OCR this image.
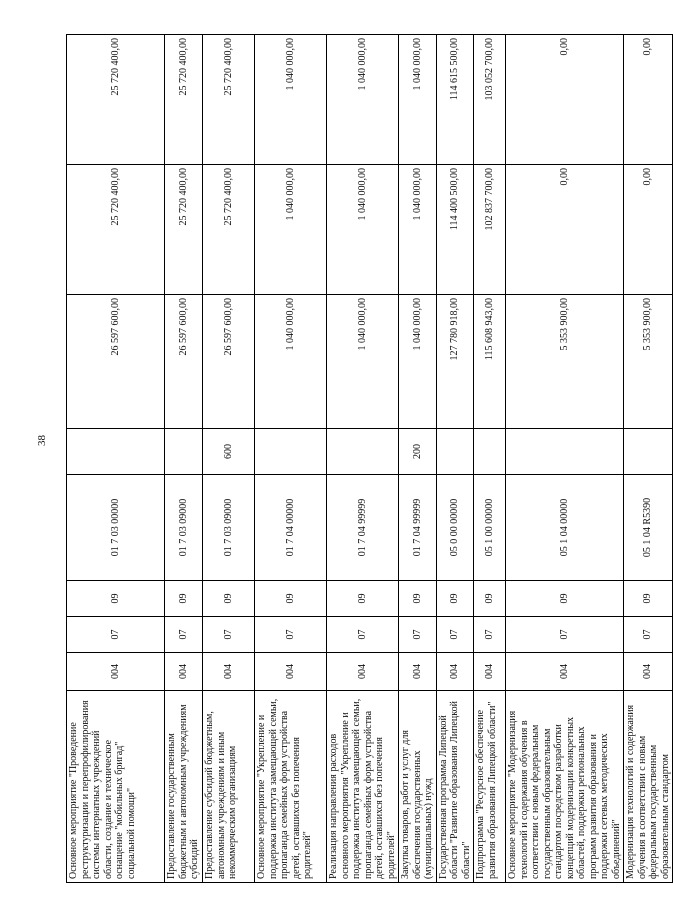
38
Основное мероприятие "Проведение реструктуризации и перепрофилирования системы интернатных учреждений области, создание и техническое оснащение "мобильных бригад" социальной помощи"	004	07	09	01 7 03 00000		26 597 600,00	25 720 400,00	25 720 400,00
Предоставление государственным бюджетным и автономным учреждениям субсидий	004	07	09	01 7 03 09000		26 597 600,00	25 720 400,00	25 720 400,00
Предоставление субсидий бюджетным, автономным учреждениям и иным некоммерческим организациям	004	07	09	01 7 03 09000	600	26 597 600,00	25 720 400,00	25 720 400,00
Основное мероприятие "Укрепление и поддержка института замещающей семьи, пропаганда семейных форм устройства детей, оставшихся без попечения родителей"	004	07	09	01 7 04 00000		1 040 000,00	1 040 000,00	1 040 000,00
Реализация направления расходов основного мероприятия "Укрепление и поддержка института замещающей семьи, пропаганда семейных форм устройства детей, оставшихся без попечения родителей"	004	07	09	01 7 04 99999		1 040 000,00	1 040 000,00	1 040 000,00
Закупка товаров, работ и услуг для обеспечения государственных (муниципальных) нужд	004	07	09	01 7 04 99999	200	1 040 000,00	1 040 000,00	1 040 000,00
Государственная программа Липецкой области "Развитие образования Липецкой области"	004	07	09	05 0 00 00000		127 780 918,00	114 400 500,00	114 615 500,00
Подпрограмма "Ресурсное обеспечение развития образования Липецкой области"	004	07	09	05 1 00 00000		115 608 943,00	102 837 700,00	103 052 700,00
Основное мероприятие "Модернизация технологий и содержания обучения в соответствии с новым федеральным государственным образовательным стандартом посредством разработки концепций модернизации конкретных областей, поддержки региональных программ развития образования и поддержки сетевых методических объединений"	004	07	09	05 1 04 00000		5 353 900,00	0,00	0,00
Модернизация технологий и содержания обучения в соответствии с новым федеральным государственным образовательным стандартом	004	07	09	05 1 04 R5390		5 353 900,00	0,00	0,00
